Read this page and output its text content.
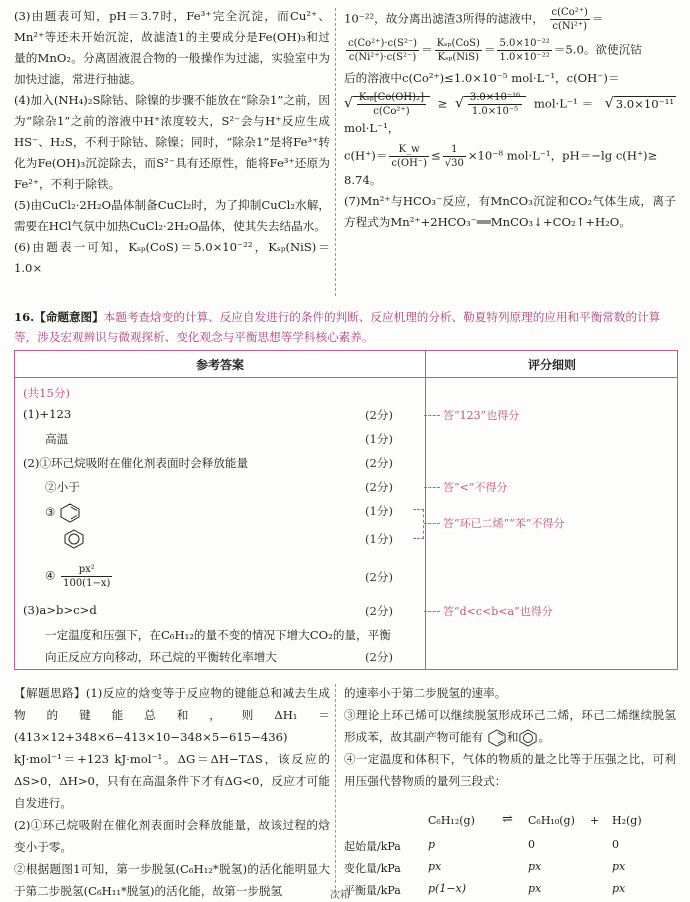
(3)由题表可知，pH＝3.7时，Fe³⁺完全沉淀，而Cu²⁺、Mn²⁺等还未开始沉淀，故滤渣1的主要成分是Fe(OH)₃和过量的MnO₂。分离固液混合物的一般操作为过滤，实验室中为加快过滤，常进行抽滤。

(4)加入(NH₄)₂S除钴、除镍的步骤不能放在“除杂1”之前，因为“除杂1”之前的溶液中H⁺浓度较大，S²⁻会与H⁺反应生成HS⁻、H₂S，不利于除钴、除镍；同时，“除杂1”是将Fe³⁺转化为Fe(OH)₃沉淀除去，而S²⁻具有还原性，能将Fe³⁺还原为Fe²⁺，不利于除铁。

(5)由CuCl₂·2H₂O晶体制备CuCl₂时，为了抑制CuCl₂水解，需要在HCl气氛中加热CuCl₂·2H₂O晶体，使其失去结晶水。

(6)由题表一可知，Kₛₚ(CoS)＝5.0×10⁻²²，Kₛₚ(NiS)＝1.0×

10⁻²²，故分离出滤渣3所得的滤液中， $\frac{\text{c(Co²⁺)}}{\text{c(Ni²⁺)}}$ ＝

$\frac{\text{c(Co²⁺)·c(S²⁻)}}{\text{c(Ni²⁺)·c(S²⁻)}} = \frac{\text{Kₛₚ(CoS)}}{\text{Kₛₚ(NiS)}} = \frac{\text{5.0×10⁻²²}}{\text{1.0×10⁻²²}} =5.0$。欲使沉钴

后的溶液中c(Co²⁺)≤1.0×10⁻⁵ mol·L⁻¹，c(OH⁻)＝

√ $\frac{\text{Kₛₚ[Co(OH)₂]}}{\text{c(Co²⁺)}}$ ≥ √ $\frac{\text{3.0×10⁻¹⁶}}{\text{1.0×10⁻⁵}} mol\cdot L^{-1}=$ √ 3.0×10⁻¹¹ mol·L⁻¹，

$c(H^+)= \frac{K\_w}{c(OH^-)} \le \frac{1}{√30} \times 10^{-8}$ mol·L⁻¹，pH＝−lg c(H⁺)≥

8.74。

(7)Mn²⁺与HCO₃⁻反应，有MnCO₃沉淀和CO₂气体生成，离子方程式为Mn²⁺+2HCO₃⁻══MnCO₃↓+CO₂↑+H₂O。

16.【命题意图】本题考查焓变的计算、反应自发进行的条件的判断、反应机理的分析、勒夏特列原理的应用和平衡常数的计算等，涉及宏观辨识与微观探析、变化观念与平衡思想等学科核心素养。
参考答案	评分细则
(共15分)
(1)+123	(2分)	答“123”也得分
高温	(1分)
(2)①环己烷吸附在催化剂表面时会释放能量	(2分)
②小于	(2分)	答“<”不得分
③	(1分)
(1分)
答“环已二烯”“苯”不得分
④ $\frac{\text{px²}}{100(1-x)}$	(2分)
(3)a>b>c>d	(2分)	答“d<c<b<a”也得分
一定温度和压强下，在C₆H₁₂的量不变的情况下增大CO₂的量，平衡
向正反应方向移动，环己烷的平衡转化率增大	(2分)

【解题思路】(1)反应的焓变等于反应物的键能总和减去生成物的键能总和，则ΔH₁＝(413×12+348×6−413×10−348×5−615−436) kJ·mol⁻¹＝+123 kJ·mol⁻¹。ΔG＝ΔH−TΔS，该反应的ΔS>0，ΔH>0，只有在高温条件下才有ΔG<0，反应才可能自发进行。

(2)①环己烷吸附在催化剂表面时会释放能量，故该过程的焓变小于零。

②根据题图1可知，第一步脱氢(C₆H₁₂*脱氢)的活化能明显大于第二步脱氢(C₆H₁₁*脱氢)的活化能，故第一步脱氢

的速率小于第二步脱氢的速率。

③理论上环己烯可以继续脱氢形成环己二烯，环己二烯继续脱氢形成苯，故其副产物可能有 和 。

④一定温度和体积下，气体的物质的量之比等于压强之比，可利用压强代替物质的量列三段式：

C₆H₁₂(g) ⇌ C₆H₁₀(g) + H₂(g)
起始量/kPa p	0	0
变化量/kPa px	px	px
平衡量/kPa p(1−x)	px	px
次箱
